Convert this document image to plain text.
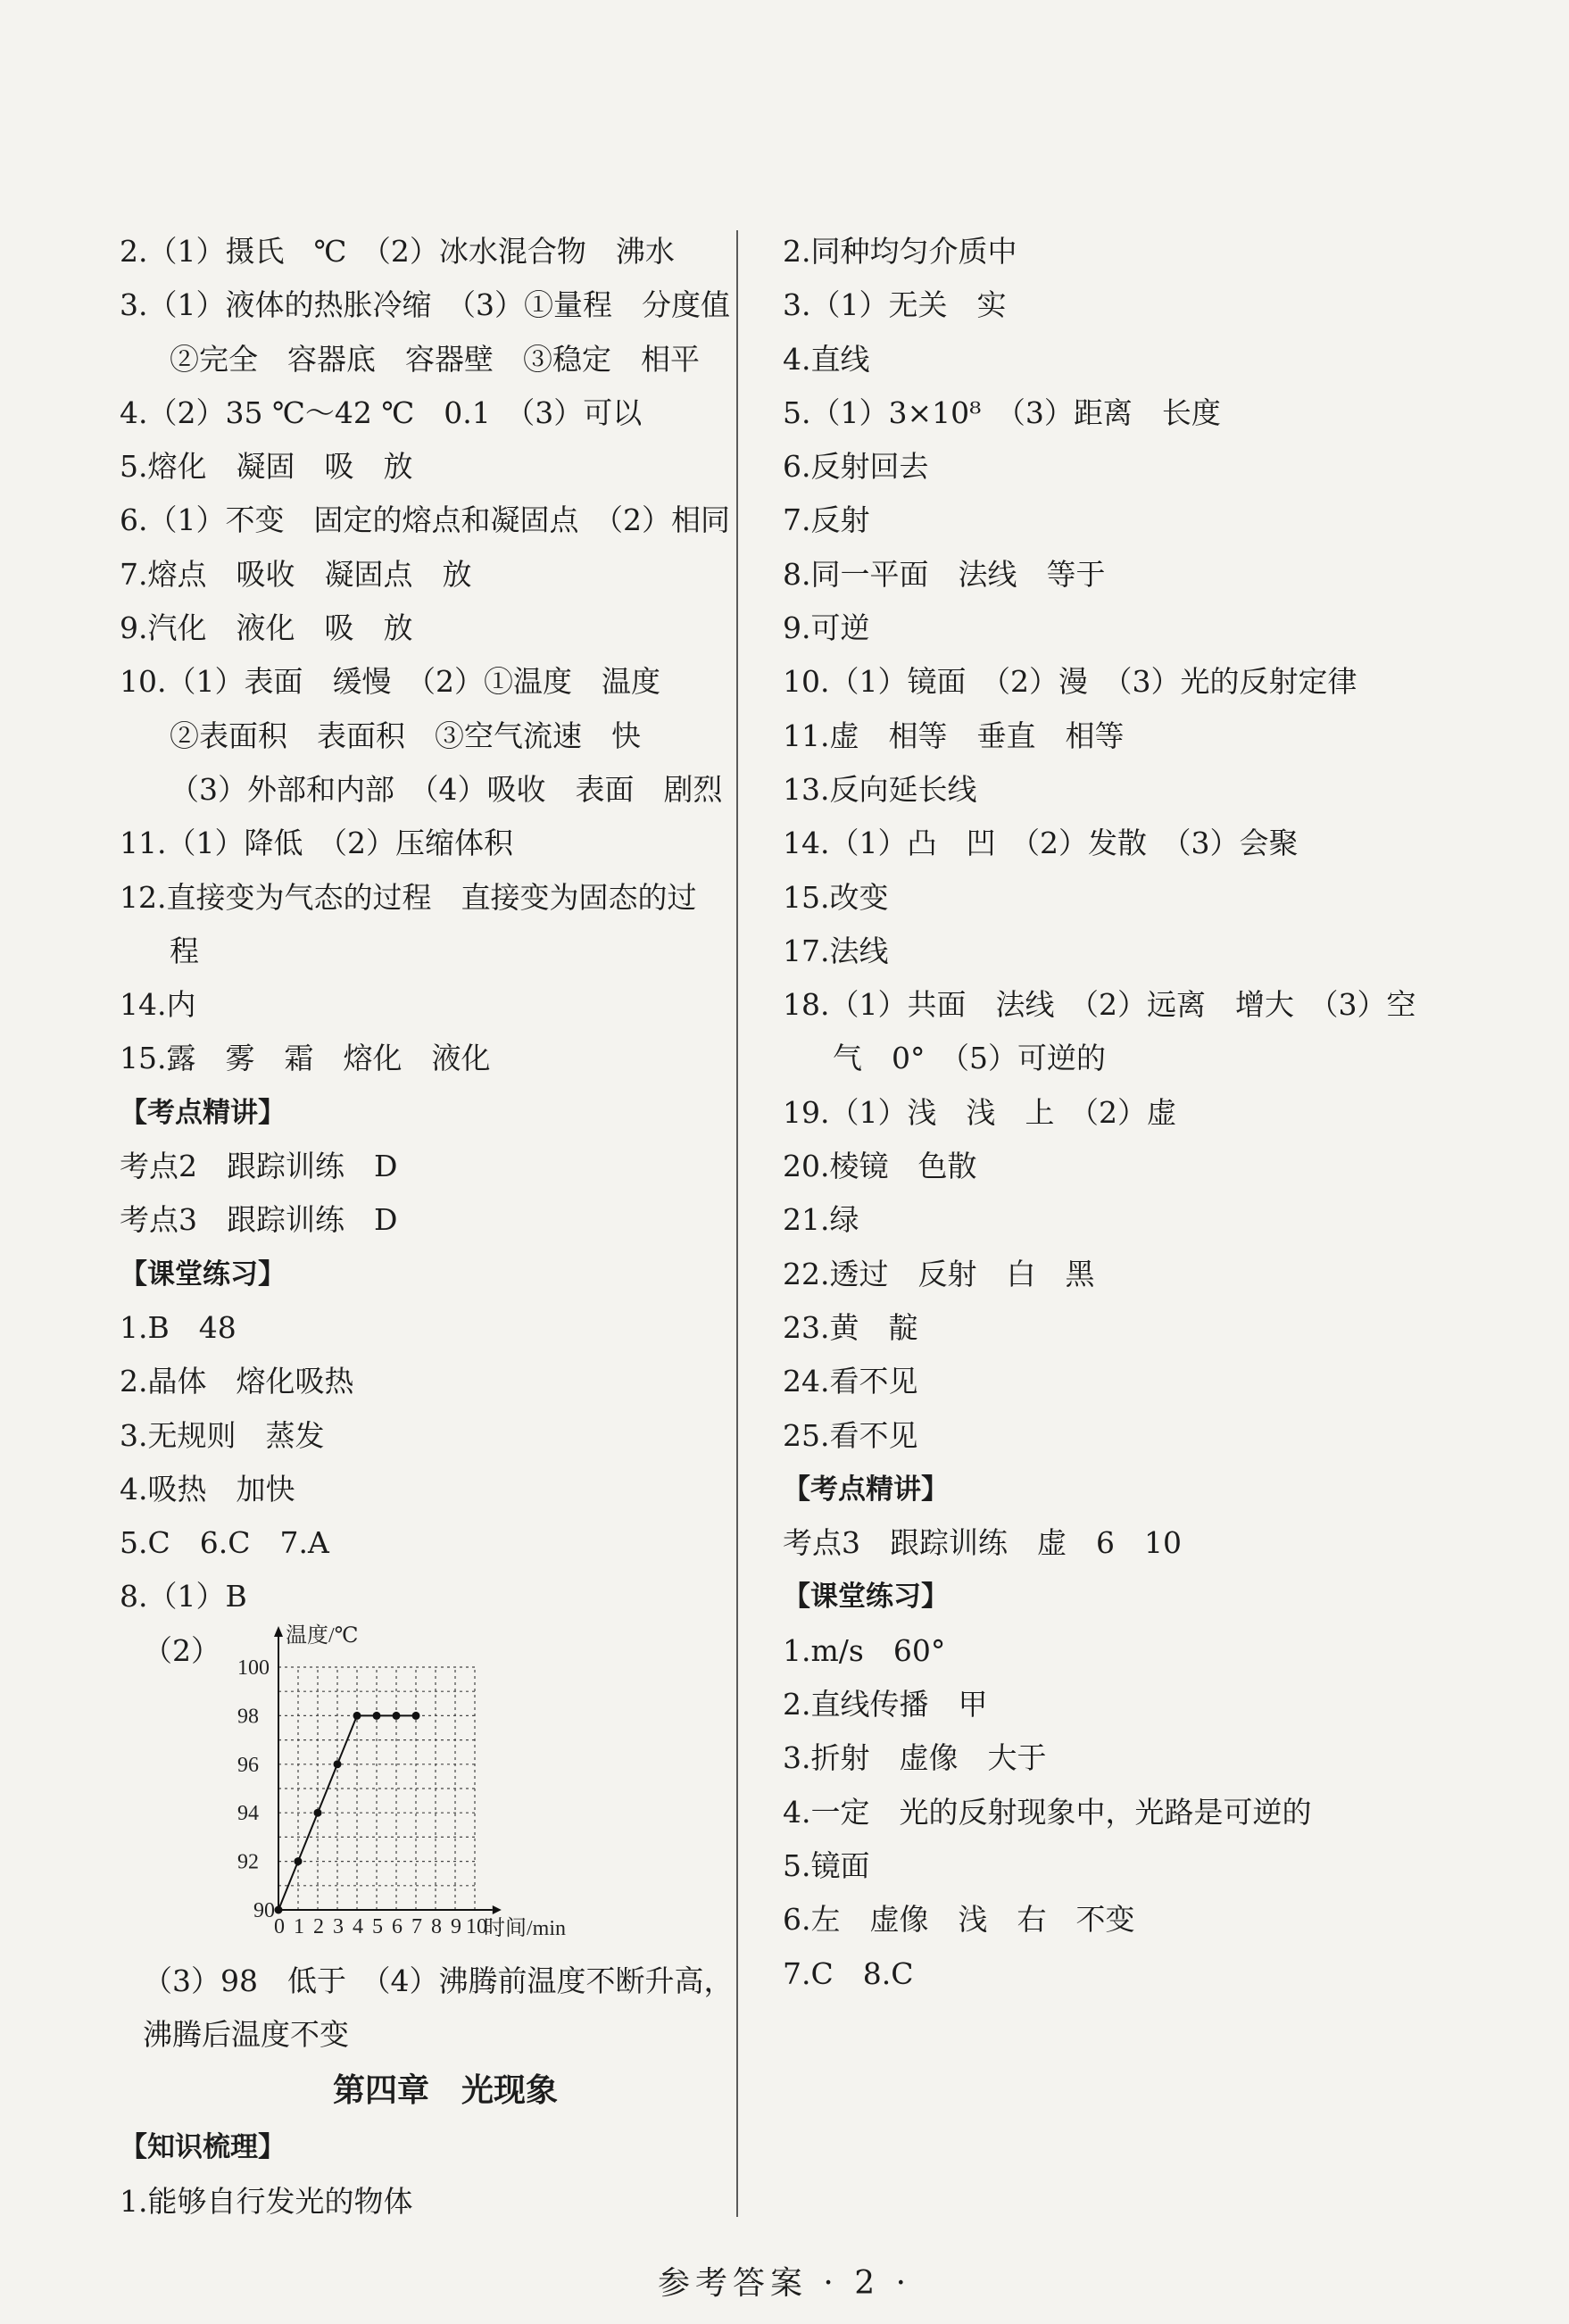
2.（1）摄氏　℃　（2）冰水混合物　沸水
3.（1）液体的热胀冷缩　（3）①量程　分度值
②完全　容器底　容器壁　③稳定　相平
4.（2）35 ℃～42 ℃　0.1　（3）可以
5.熔化　凝固　吸　放
6.（1）不变　固定的熔点和凝固点　（2）相同
7.熔点　吸收　凝固点　放
9.汽化　液化　吸　放
10.（1）表面　缓慢　（2）①温度　温度
②表面积　表面积　③空气流速　快
（3）外部和内部　（4）吸收　表面　剧烈
11.（1）降低　（2）压缩体积
12.直接变为气态的过程　直接变为固态的过
程
14.内
15.露　雾　霜　熔化　液化
【考点精讲】
考点2　跟踪训练　D
考点3　跟踪训练　D
【课堂练习】
1.B　48
2.晶体　熔化吸热
3.无规则　蒸发
4.吸热　加快
5.C　6.C　7.A
8.（1）B
（2）	温度/℃
时间/min
0 1 2 3 4 5 6 7 8 9 10
90
92
94
96
98
100
（3）98　低于　（4）沸腾前温度不断升高，
沸腾后温度不变
第四章　光现象
【知识梳理】
1.能够自行发光的物体
2.同种均匀介质中
3.（1）无关　实
4.直线
5.（1）3×10⁸　（3）距离　长度
6.反射回去
7.反射
8.同一平面　法线　等于
9.可逆
10.（1）镜面　（2）漫　（3）光的反射定律
11.虚　相等　垂直　相等
13.反向延长线
14.（1）凸　凹　（2）发散　（3）会聚
15.改变
17.法线
18.（1）共面　法线　（2）远离　增大　（3）空
气　0°　（5）可逆的
19.（1）浅　浅　上　（2）虚
20.棱镜　色散
21.绿
22.透过　反射　白　黑
23.黄　靛
24.看不见
25.看不见
【考点精讲】
考点3　跟踪训练　虚　6　10
【课堂练习】
1.m/s　60°
2.直线传播　甲
3.折射　虚像　大于
4.一定　光的反射现象中，光路是可逆的
5.镜面
6.左　虚像　浅　右　不变
7.C　8.C
参考答案 · 2 ·
